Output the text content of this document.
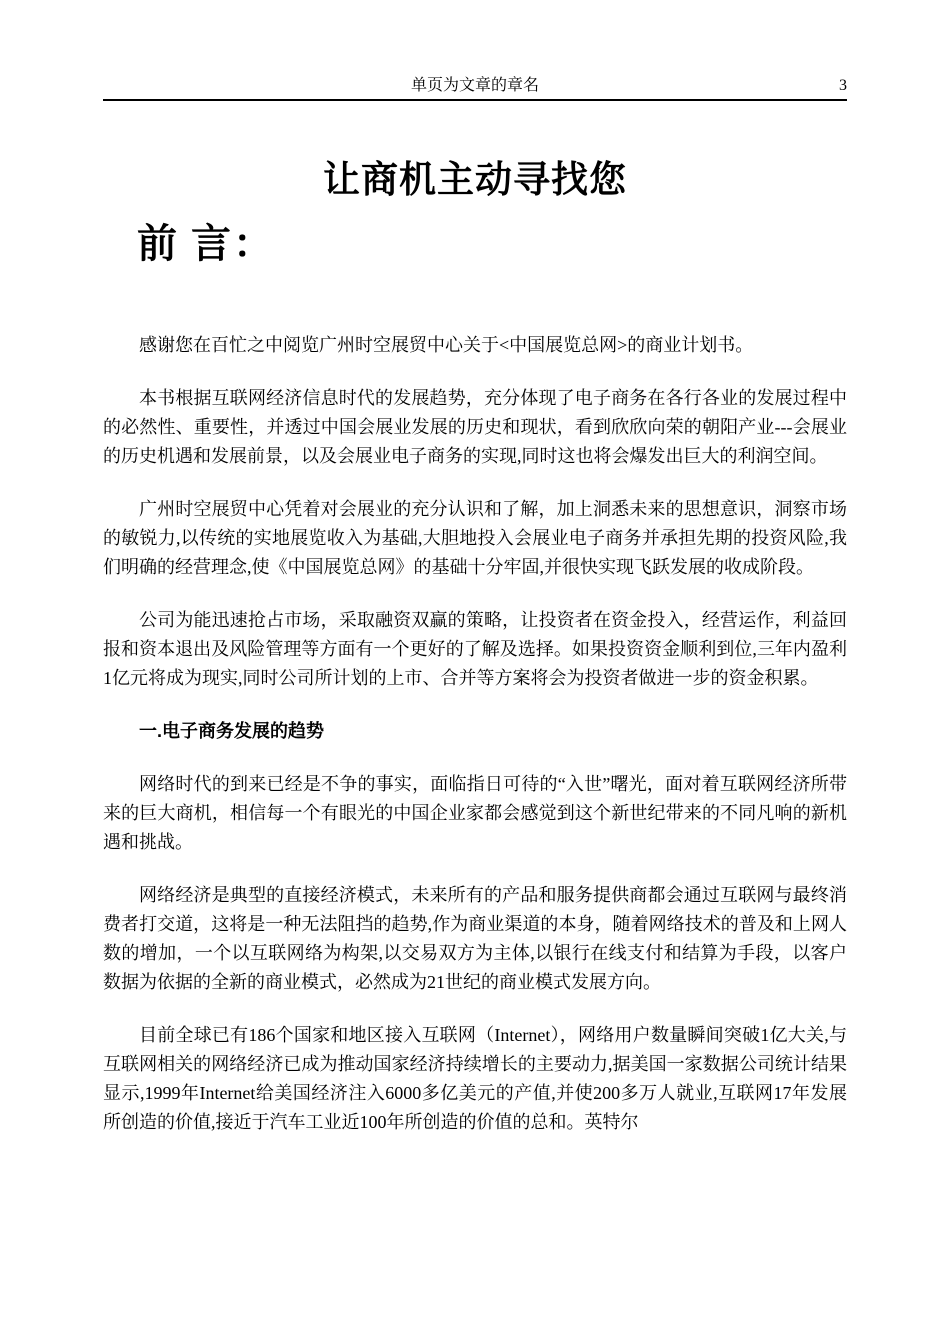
单页为文章的章名	3
让商机主动寻找您
前 言：

感谢您在百忙之中阅览广州时空展贸中心关于<中国展览总网>的商业计划书。

本书根据互联网经济信息时代的发展趋势，充分体现了电子商务在各行各业的发展过程中的必然性、重要性，并透过中国会展业发展的历史和现状，看到欣欣向荣的朝阳产业---会展业的历史机遇和发展前景，以及会展业电子商务的实现,同时这也将会爆发出巨大的利润空间。

广州时空展贸中心凭着对会展业的充分认识和了解，加上洞悉未来的思想意识，洞察市场的敏锐力,以传统的实地展览收入为基础,大胆地投入会展业电子商务并承担先期的投资风险,我们明确的经营理念,使《中国展览总网》的基础十分牢固,并很快实现飞跃发展的收成阶段。

公司为能迅速抢占市场，采取融资双赢的策略，让投资者在资金投入，经营运作，利益回报和资本退出及风险管理等方面有一个更好的了解及选择。如果投资资金顺利到位,三年内盈利1亿元将成为现实,同时公司所计划的上市、合并等方案将会为投资者做进一步的资金积累。

一.电子商务发展的趋势

网络时代的到来已经是不争的事实，面临指日可待的“入世”曙光，面对着互联网经济所带来的巨大商机，相信每一个有眼光的中国企业家都会感觉到这个新世纪带来的不同凡响的新机遇和挑战。

网络经济是典型的直接经济模式，未来所有的产品和服务提供商都会通过互联网与最终消费者打交道，这将是一种无法阻挡的趋势,作为商业渠道的本身，随着网络技术的普及和上网人数的增加，一个以互联网络为构架,以交易双方为主体,以银行在线支付和结算为手段，以客户数据为依据的全新的商业模式，必然成为21世纪的商业模式发展方向。

目前全球已有186个国家和地区接入互联网（Internet），网络用户数量瞬间突破1亿大关,与互联网相关的网络经济已成为推动国家经济持续增长的主要动力,据美国一家数据公司统计结果显示,1999年Internet给美国经济注入6000多亿美元的产值,并使200多万人就业,互联网17年发展所创造的价值,接近于汽车工业近100年所创造的价值的总和。英特尔
